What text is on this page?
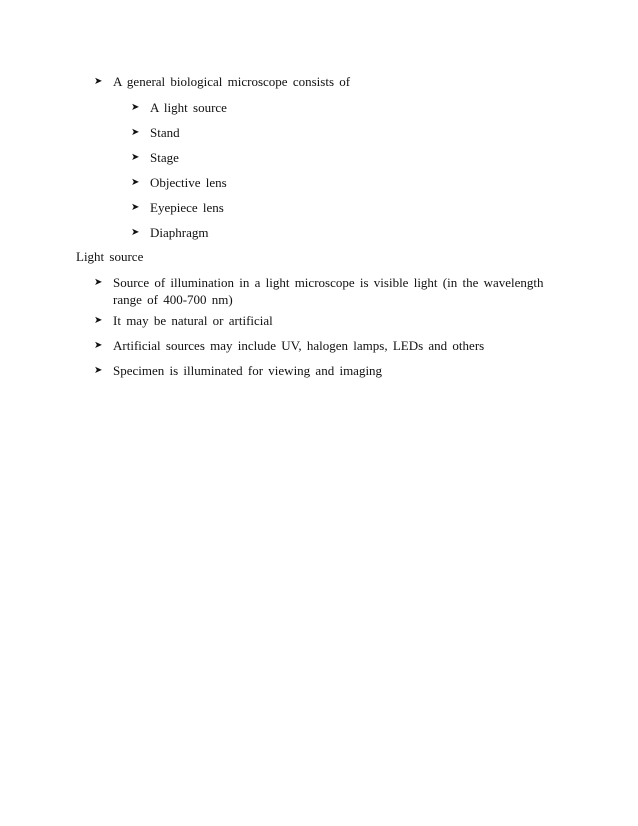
➤ A general biological microscope consists of
➤ A light source
➤ Stand
➤ Stage
➤ Objective lens
➤ Eyepiece lens
➤ Diaphragm
Light source
➤ Source of illumination in a light microscope is visible light (in the wavelength range of 400-700 nm)
➤ It may be natural or artificial
➤ Artificial sources may include UV, halogen lamps, LEDs and others
➤ Specimen is illuminated for viewing and imaging
